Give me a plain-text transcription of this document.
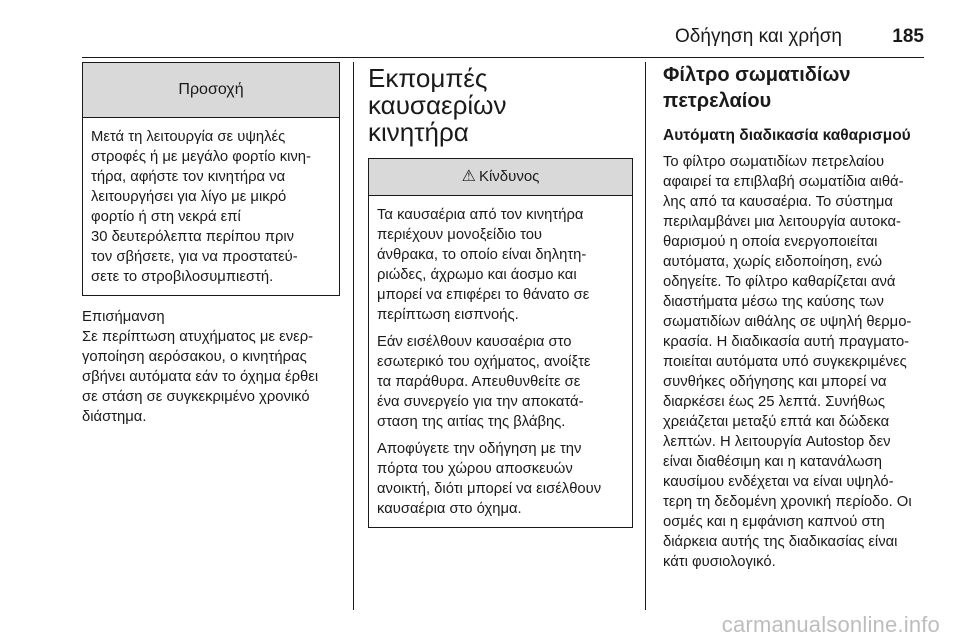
Οδήγηση και χρήση	185
Προσοχή

Μετά τη λειτουργία σε υψηλές
στροφές ή με μεγάλο φορτίο κινη-
τήρα, αφήστε τον κινητήρα να
λειτουργήσει για λίγο με μικρό
φορτίο ή στη νεκρά επί
30 δευτερόλεπτα περίπου πριν
τον σβήσετε, για να προστατεύ-
σετε το στροβιλοσυμπιεστή.

Επισήμανση

Σε περίπτωση ατυχήματος με ενερ-
γοποίηση αερόσακου, ο κινητήρας
σβήνει αυτόματα εάν το όχημα έρθει
σε στάση σε συγκεκριμένο χρονικό
διάστημα.

Εκπομπές καυσαερίων
κινητήρα
⚠ Κίνδυνος

Τα καυσαέρια από τον κινητήρα
περιέχουν μονοξείδιο του
άνθρακα, το οποίο είναι δηλητη-
ριώδες, άχρωμο και άοσμο και
μπορεί να επιφέρει το θάνατο σε
περίπτωση εισπνοής.

Εάν εισέλθουν καυσαέρια στο
εσωτερικό του οχήματος, ανοίξτε
τα παράθυρα. Απευθυνθείτε σε
ένα συνεργείο για την αποκατά-
σταση της αιτίας της βλάβης.

Αποφύγετε την οδήγηση με την
πόρτα του χώρου αποσκευών
ανοικτή, διότι μπορεί να εισέλθουν
καυσαέρια στο όχημα.

Φίλτρο σωματιδίων
πετρελαίου
Αυτόματη διαδικασία καθαρισμού

Το φίλτρο σωματιδίων πετρελαίου
αφαιρεί τα επιβλαβή σωματίδια αιθά-
λης από τα καυσαέρια. Το σύστημα
περιλαμβάνει μια λειτουργία αυτοκα-
θαρισμού η οποία ενεργοποιείται
αυτόματα, χωρίς ειδοποίηση, ενώ
οδηγείτε. Το φίλτρο καθαρίζεται ανά
διαστήματα μέσω της καύσης των
σωματιδίων αιθάλης σε υψηλή θερμο-
κρασία. Η διαδικασία αυτή πραγματο-
ποιείται αυτόματα υπό συγκεκριμένες
συνθήκες οδήγησης και μπορεί να
διαρκέσει έως 25 λεπτά. Συνήθως
χρειάζεται μεταξύ επτά και δώδεκα
λεπτών. Η λειτουργία Autostop δεν
είναι διαθέσιμη και η κατανάλωση
καυσίμου ενδέχεται να είναι υψηλό-
τερη τη δεδομένη χρονική περίοδο. Οι
οσμές και η εμφάνιση καπνού στη
διάρκεια αυτής της διαδικασίας είναι
κάτι φυσιολογικό.

carmanualsonline.info
